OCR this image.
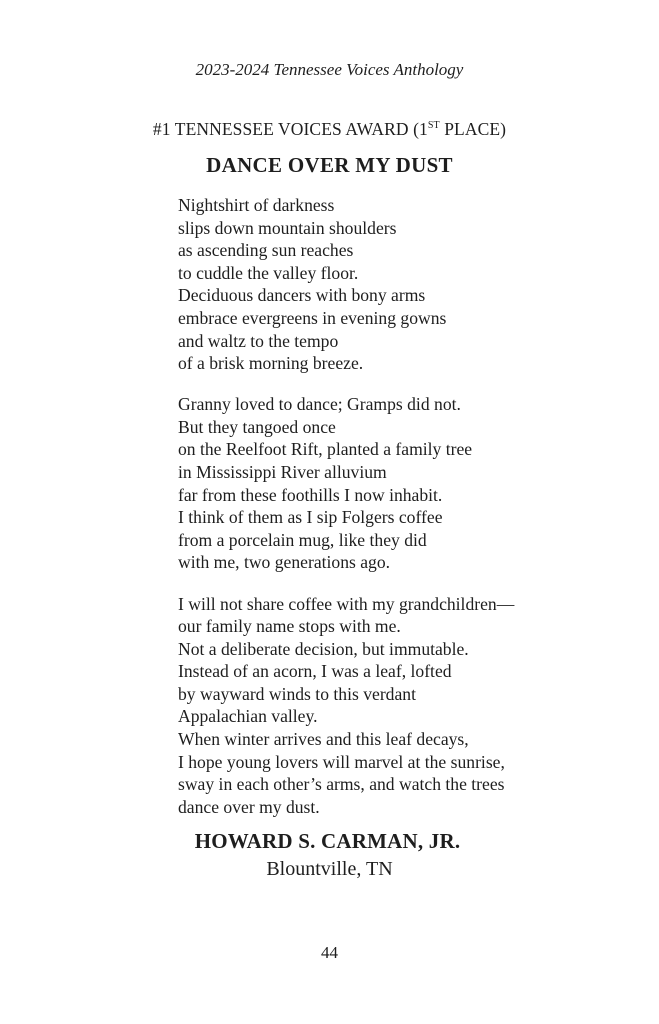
2023-2024 Tennessee Voices Anthology
#1 TENNESSEE VOICES AWARD (1ST PLACE)
DANCE OVER MY DUST
Nightshirt of darkness
slips down mountain shoulders
as ascending sun reaches
to cuddle the valley floor.
Deciduous dancers with bony arms
embrace evergreens in evening gowns
and waltz to the tempo
of a brisk morning breeze.
Granny loved to dance; Gramps did not.
But they tangoed once
on the Reelfoot Rift, planted a family tree
in Mississippi River alluvium
far from these foothills I now inhabit.
I think of them as I sip Folgers coffee
from a porcelain mug, like they did
with me, two generations ago.
I will not share coffee with my grandchildren—
our family name stops with me.
Not a deliberate decision, but immutable.
Instead of an acorn, I was a leaf, lofted
by wayward winds to this verdant
Appalachian valley.
When winter arrives and this leaf decays,
I hope young lovers will marvel at the sunrise,
sway in each other’s arms, and watch the trees
dance over my dust.
HOWARD S. CARMAN, JR.
Blountville, TN
44
